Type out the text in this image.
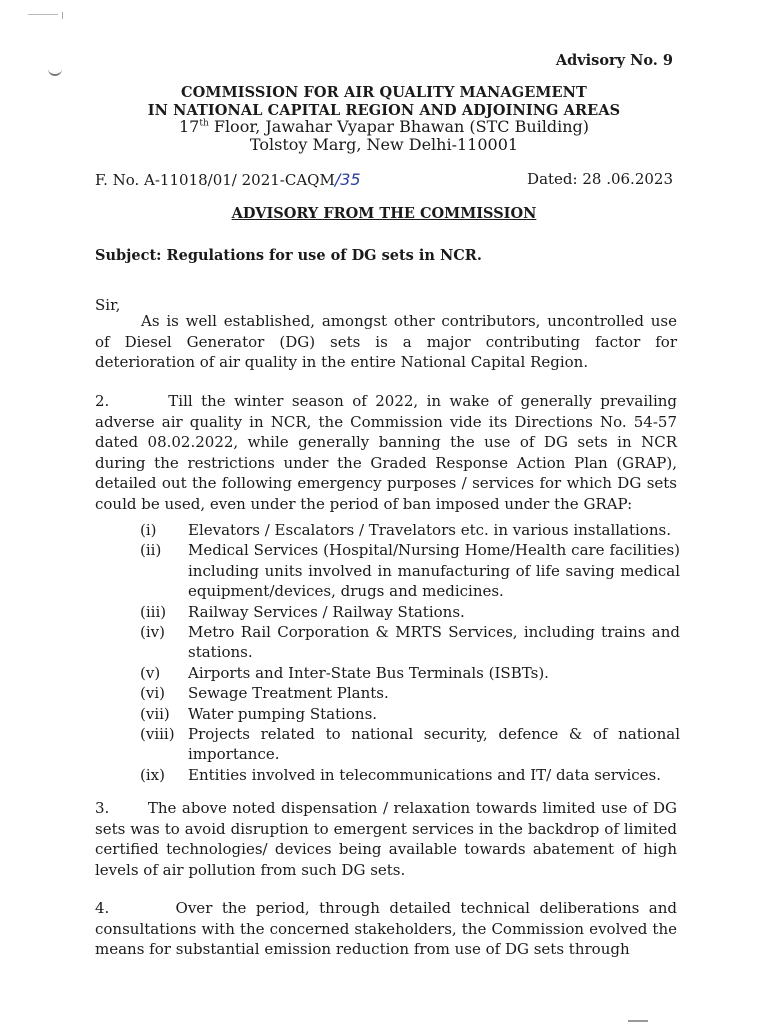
Advisory No. 9
COMMISSION FOR AIR QUALITY MANAGEMENT
IN NATIONAL CAPITAL REGION AND ADJOINING AREAS
17th Floor, Jawahar Vyapar Bhawan (STC Building)
Tolstoy Marg, New Delhi-110001
F. No. A-11018/01/ 2021-CAQM/35	Dated: 28 .06.2023
ADVISORY FROM THE COMMISSION
Subject: Regulations for use of DG sets in NCR.
Sir,

As is well established, amongst other contributors, uncontrolled use of Diesel Generator (DG) sets is a major contributing factor for deterioration of air quality in the entire National Capital Region.

2.       Till the winter season of 2022, in wake of generally prevailing adverse air quality in NCR, the Commission vide its Directions No. 54-57 dated 08.02.2022, while generally banning the use of DG sets in NCR during the restrictions under the Graded Response Action Plan (GRAP), detailed out the following emergency purposes / services for which DG sets could be used, even under the period of ban imposed under the GRAP:

(i)	Elevators / Escalators / Travelators etc. in various installations.
(ii)	Medical Services (Hospital/Nursing Home/Health care facilities) including units involved in manufacturing of life saving medical equipment/devices, drugs and medicines.
(iii)	Railway Services / Railway Stations.
(iv)	Metro Rail Corporation & MRTS Services, including trains and stations.
(v)	Airports and Inter-State Bus Terminals (ISBTs).
(vi)	Sewage Treatment Plants.
(vii)	Water pumping Stations.
(viii) Projects related to national security, defence & of national importance.
(ix)	Entities involved in telecommunications and IT/ data services.

3.       The above noted dispensation / relaxation towards limited use of DG sets was to avoid disruption to emergent services in the backdrop of limited certified technologies/ devices being available towards abatement of high levels of air pollution from such DG sets.

4.       Over the period, through detailed technical deliberations and consultations with the concerned stakeholders, the Commission evolved the means for substantial emission reduction from use of DG sets through
